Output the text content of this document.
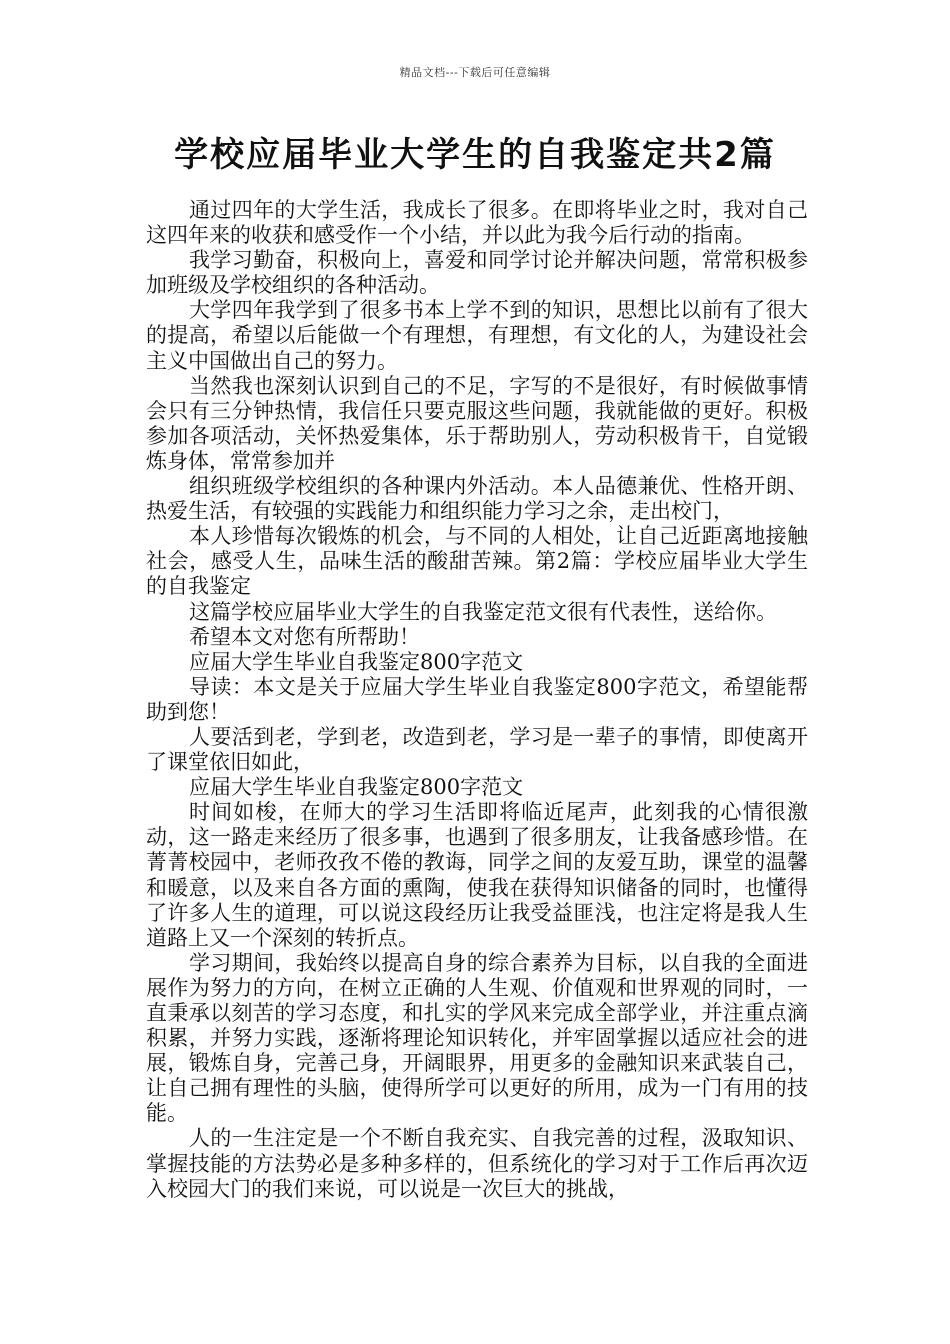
精品文档---下载后可任意编辑
学校应届毕业大学生的自我鉴定共2篇

通过四年的大学生活，我成长了很多。在即将毕业之时，我对自己这四年来的收获和感受作一个小结，并以此为我今后行动的指南。

我学习勤奋，积极向上，喜爱和同学讨论并解决问题，常常积极参加班级及学校组织的各种活动。

大学四年我学到了很多书本上学不到的知识，思想比以前有了很大的提高，希望以后能做一个有理想，有理想，有文化的人，为建设社会主义中国做出自己的努力。

当然我也深刻认识到自己的不足，字写的不是很好，有时候做事情会只有三分钟热情，我信任只要克服这些问题，我就能做的更好。积极参加各项活动，关怀热爱集体，乐于帮助别人，劳动积极肯干，自觉锻炼身体，常常参加并

组织班级学校组织的各种课内外活动。本人品德兼优、性格开朗、热爱生活，有较强的实践能力和组织能力学习之余，走出校门，

本人珍惜每次锻炼的机会，与不同的人相处，让自己近距离地接触社会，感受人生，品味生活的酸甜苦辣。第2篇：学校应届毕业大学生的自我鉴定

这篇学校应届毕业大学生的自我鉴定范文很有代表性，送给你。

希望本文对您有所帮助！

应届大学生毕业自我鉴定800字范文

导读：本文是关于应届大学生毕业自我鉴定800字范文，希望能帮助到您！

人要活到老，学到老，改造到老，学习是一辈子的事情，即使离开了课堂依旧如此，

应届大学生毕业自我鉴定800字范文

时间如梭，在师大的学习生活即将临近尾声，此刻我的心情很激动，这一路走来经历了很多事，也遇到了很多朋友，让我备感珍惜。在菁菁校园中，老师孜孜不倦的教诲，同学之间的友爱互助，课堂的温馨和暖意，以及来自各方面的熏陶，使我在获得知识储备的同时，也懂得了许多人生的道理，可以说这段经历让我受益匪浅，也注定将是我人生道路上又一个深刻的转折点。

学习期间，我始终以提高自身的综合素养为目标，以自我的全面进展作为努力的方向，在树立正确的人生观、价值观和世界观的同时，一直秉承以刻苦的学习态度，和扎实的学风来完成全部学业，并注重点滴积累，并努力实践，逐渐将理论知识转化，并牢固掌握以适应社会的进展，锻炼自身，完善己身，开阔眼界，用更多的金融知识来武装自己，让自己拥有理性的头脑，使得所学可以更好的所用，成为一门有用的技能。

人的一生注定是一个不断自我充实、自我完善的过程，汲取知识、掌握技能的方法势必是多种多样的，但系统化的学习对于工作后再次迈入校园大门的我们来说，可以说是一次巨大的挑战，
